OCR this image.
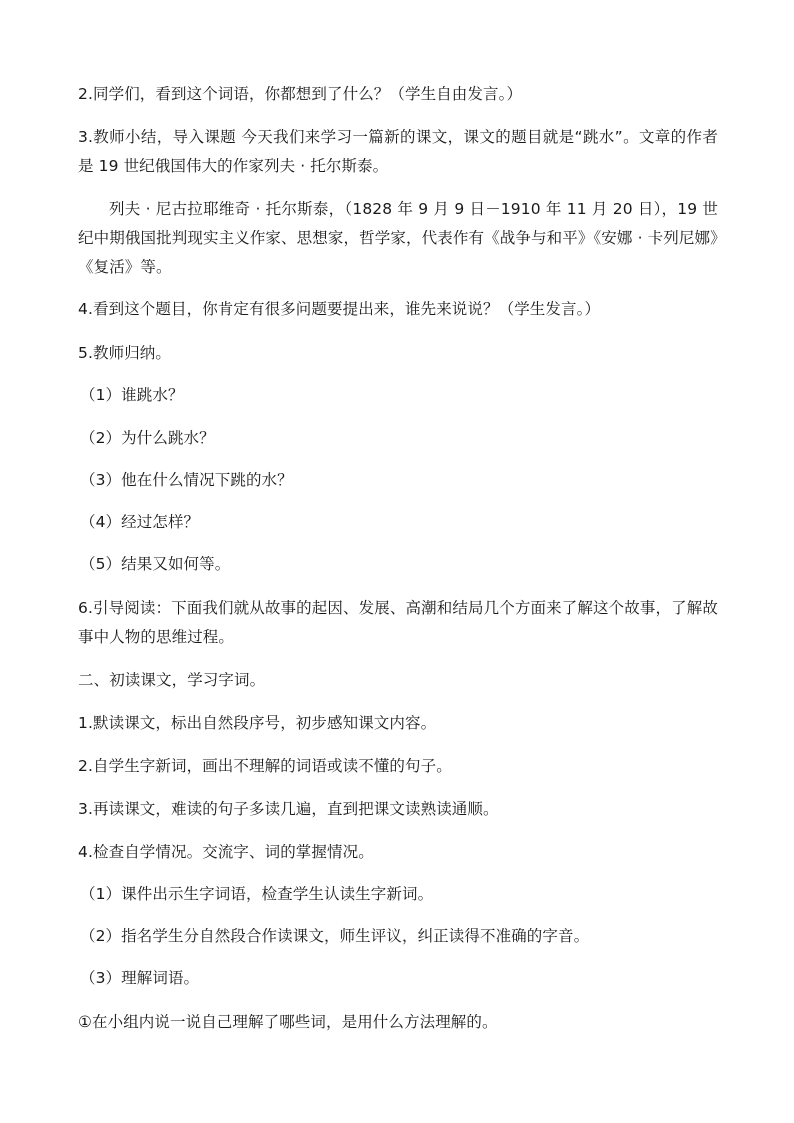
2.同学们，看到这个词语，你都想到了什么？（学生自由发言。）
3.教师小结，导入课题 今天我们来学习一篇新的课文，课文的题目就是“跳水”。文章的作者是 19 世纪俄国伟大的作家列夫 · 托尔斯泰。
列夫 · 尼古拉耶维奇 · 托尔斯泰，（1828 年 9 月 9 日－1910 年 11 月 20 日），19 世纪中期俄国批判现实主义作家、思想家，哲学家，代表作有《战争与和平》《安娜 · 卡列尼娜》《复活》等。
4.看到这个题目，你肯定有很多问题要提出来，谁先来说说？（学生发言。）
5.教师归纳。
（1）谁跳水？
（2）为什么跳水？
（3）他在什么情况下跳的水？
（4）经过怎样？
（5）结果又如何等。
6.引导阅读：下面我们就从故事的起因、发展、高潮和结局几个方面来了解这个故事，了解故事中人物的思维过程。
二、初读课文，学习字词。
1.默读课文，标出自然段序号，初步感知课文内容。
2.自学生字新词，画出不理解的词语或读不懂的句子。
3.再读课文，难读的句子多读几遍，直到把课文读熟读通顺。
4.检查自学情况。交流字、词的掌握情况。
（1）课件出示生字词语，检查学生认读生字新词。
（2）指名学生分自然段合作读课文，师生评议，纠正读得不准确的字音。
（3）理解词语。
①在小组内说一说自己理解了哪些词，是用什么方法理解的。
